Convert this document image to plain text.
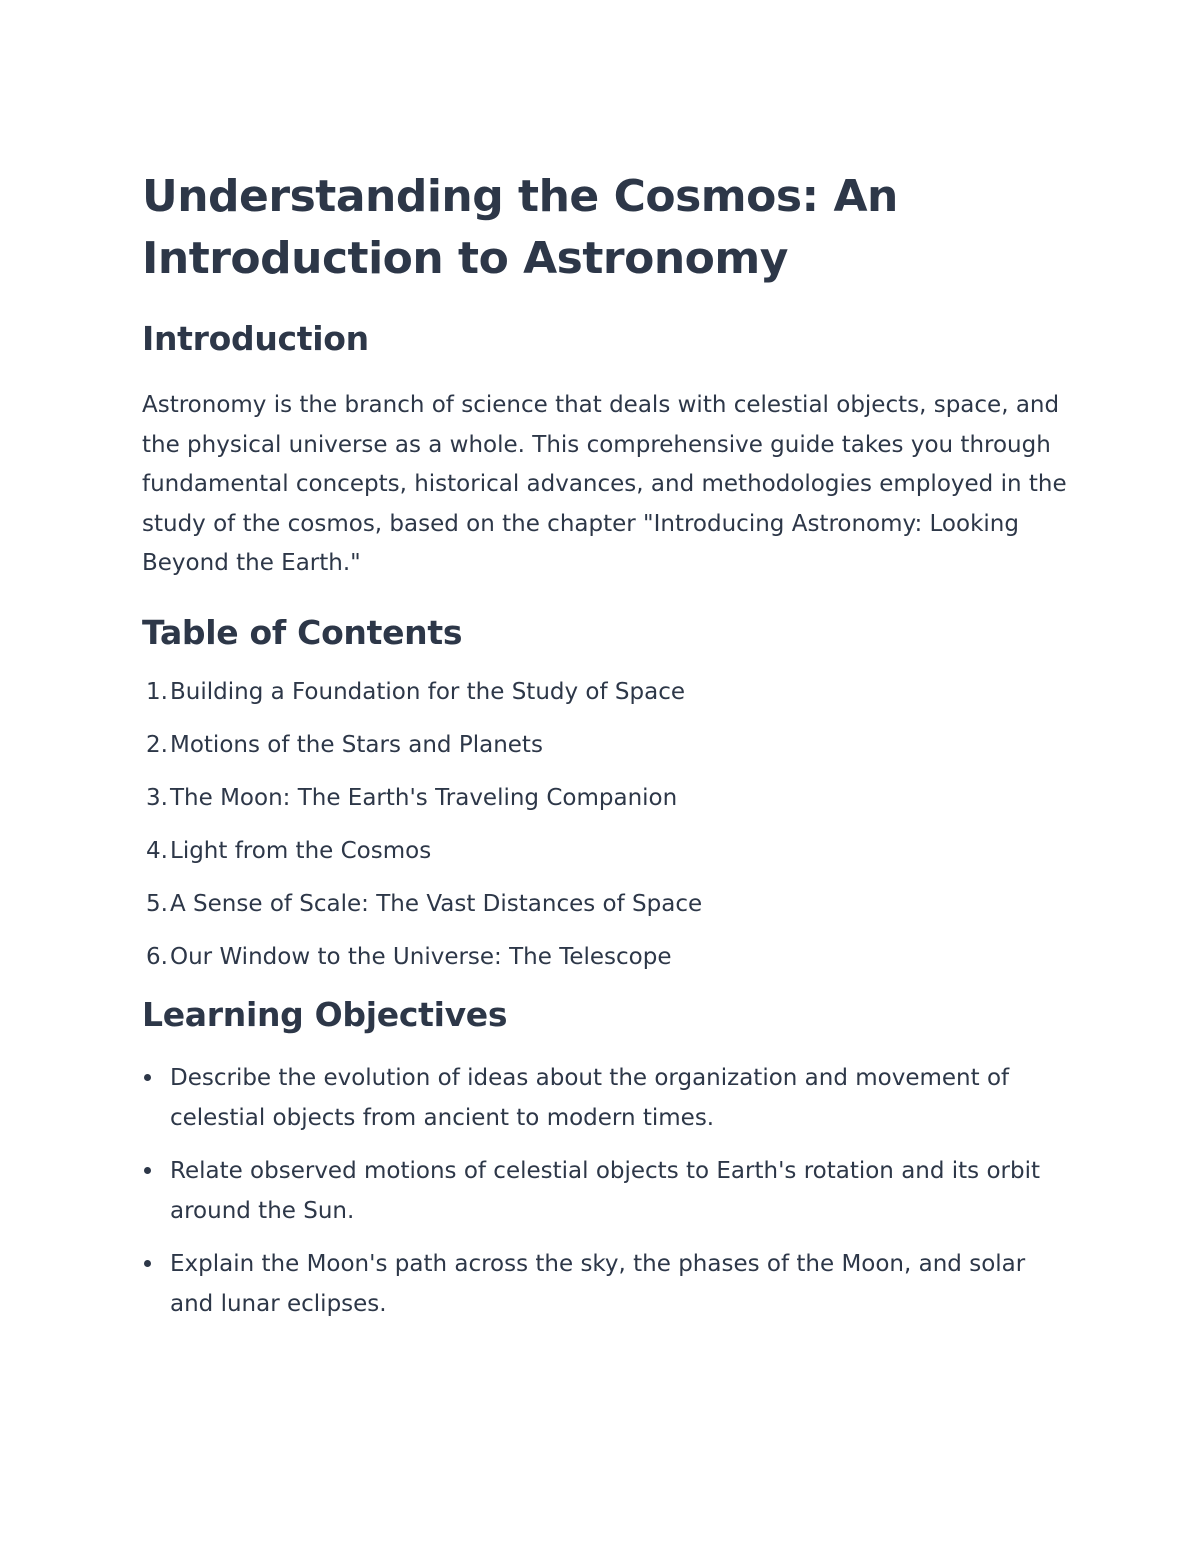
Understanding the Cosmos: An Introduction to Astronomy
Introduction

Astronomy is the branch of science that deals with celestial objects, space, and the physical universe as a whole. This comprehensive guide takes you through fundamental concepts, historical advances, and methodologies employed in the study of the cosmos, based on the chapter "Introducing Astronomy: Looking Beyond the Earth."

Table of Contents
1. Building a Foundation for the Study of Space
2. Motions of the Stars and Planets
3. The Moon: The Earth's Traveling Companion
4. Light from the Cosmos
5. A Sense of Scale: The Vast Distances of Space
6. Our Window to the Universe: The Telescope
Learning Objectives
Describe the evolution of ideas about the organization and movement of celestial objects from ancient to modern times.
Relate observed motions of celestial objects to Earth's rotation and its orbit around the Sun.
Explain the Moon's path across the sky, the phases of the Moon, and solar and lunar eclipses.
